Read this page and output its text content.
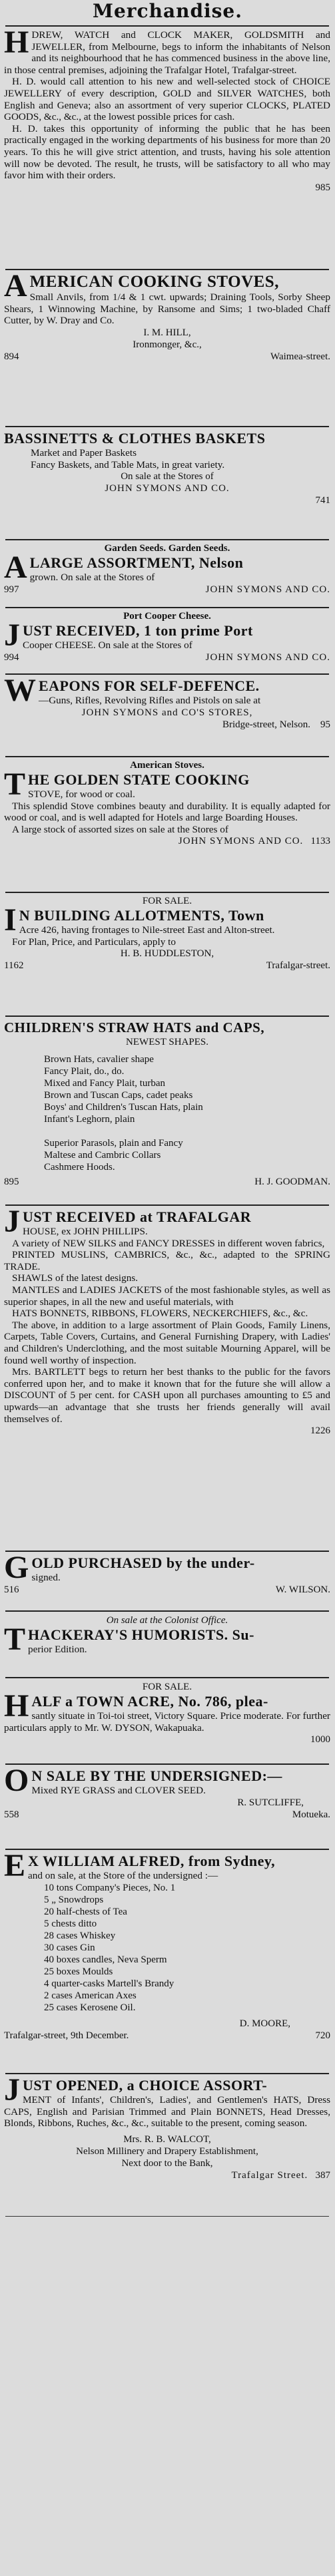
Merchandise.
H DREW, WATCH and CLOCK MAKER, GOLDSMITH and JEWELLER, from Melbourne, begs to inform the inhabitants of Nelson and its neighbourhood that he has commenced business in the above line, in those central premises, adjoining the Trafalgar Hotel, Trafalgar-street.

H. D. would call attention to his new and well-selected stock of CHOICE JEWELLERY of every description, GOLD and SILVER WATCHES, both English and Geneva; also an assortment of very superior CLOCKS, PLATED GOODS, &c., &c., at the lowest possible prices for cash.

H. D. takes this opportunity of informing the public that he has been practically engaged in the working departments of his business for more than 20 years. To this he will give strict attention, and trusts, having his sole attention will now be devoted. The result, he trusts, will be satisfactory to all who may favor him with their orders.

985

A MERICAN COOKING STOVES,

Small Anvils, from 1/4 & 1 cwt. upwards; Draining Tools, Sorby Sheep Shears, 1 Winnowing Machine, by Ransome and Sims; 1 two-bladed Chaff Cutter, by W. Dray and Co.

I. M. HILL,

Ironmonger, &c.,

894	Waimea-street.

BASSINETTS & CLOTHES BASKETS

Market and Paper Baskets

Fancy Baskets, and Table Mats, in great variety.

On sale at the Stores of

JOHN SYMONS AND CO.

741

Garden Seeds. Garden Seeds.

A LARGE ASSORTMENT, Nelson

grown. On sale at the Stores of

997	JOHN SYMONS AND CO.

Port Cooper Cheese.

J UST RECEIVED, 1 ton prime Port

Cooper CHEESE. On sale at the Stores of

994	JOHN SYMONS AND CO.
W EAPONS FOR SELF-DEFENCE.

—Guns, Rifles, Revolving Rifles and Pistols on sale at

JOHN SYMONS and CO'S STORES,

Bridge-street, Nelson. 95

American Stoves.

T HE GOLDEN STATE COOKING

STOVE, for wood or coal.

This splendid Stove combines beauty and durability. It is equally adapted for wood or coal, and is well adapted for Hotels and large Boarding Houses.

A large stock of assorted sizes on sale at the Stores of

JOHN SYMONS AND CO. 1133

FOR SALE.

I N BUILDING ALLOTMENTS, Town

Acre 426, having frontages to Nile-street East and Alton-street.

For Plan, Price, and Particulars, apply to

H. B. HUDDLESTON,

1162	Trafalgar-street.

CHILDREN'S STRAW HATS and CAPS,

NEWEST SHAPES.

Brown Hats, cavalier shape

Fancy Plait, do., do.

Mixed and Fancy Plait, turban

Brown and Tuscan Caps, cadet peaks

Boys' and Children's Tuscan Hats, plain

Infant's Leghorn, plain

Superior Parasols, plain and Fancy

Maltese and Cambric Collars

Cashmere Hoods.

895	H. J. GOODMAN.
J UST RECEIVED at TRAFALGAR

HOUSE, ex JOHN PHILLIPS.

A variety of NEW SILKS and FANCY DRESSES in different woven fabrics,

PRINTED MUSLINS, CAMBRICS, &c., &c., adapted to the SPRING TRADE.

SHAWLS of the latest designs.

MANTLES and LADIES JACKETS of the most fashionable styles, as well as superior shapes, in all the new and useful materials, with

HATS BONNETS, RIBBONS, FLOWERS, NECKERCHIEFS, &c., &c.

The above, in addition to a large assortment of Plain Goods, Family Linens, Carpets, Table Covers, Curtains, and General Furnishing Drapery, with Ladies' and Children's Underclothing, and the most suitable Mourning Apparel, will be found well worthy of inspection.

Mrs. BARTLETT begs to return her best thanks to the public for the favors conferred upon her, and to make it known that for the future she will allow a DISCOUNT of 5 per cent. for CASH upon all purchases amounting to £5 and upwards—an advantage that she trusts her friends generally will avail themselves of.

1226

G OLD PURCHASED by the under-

signed.

516	W. WILSON.

On sale at the Colonist Office.

T HACKERAY'S HUMORISTS. Su-

perior Edition.

FOR SALE.

H ALF a TOWN ACRE, No. 786, plea-

santly situate in Toi-toi street, Victory Square. Price moderate. For further particulars apply to Mr. W. DYSON, Wakapuaka.

1000

O N SALE BY THE UNDERSIGNED:—

Mixed RYE GRASS and CLOVER SEED.

R. SUTCLIFFE,

558	Motueka.
E X WILLIAM ALFRED, from Sydney,

and on sale, at the Store of the undersigned :—

10 tons Company's Pieces, No. 1

5 „ Snowdrops

20 half-chests of Tea

5 chests ditto

28 cases Whiskey

30 cases Gin

40 boxes candles, Neva Sperm

25 boxes Moulds

4 quarter-casks Martell's Brandy

2 cases American Axes

25 cases Kerosene Oil.

D. MOORE,

Trafalgar-street, 9th December.	720
J UST OPENED, a CHOICE ASSORT-

MENT of Infants', Children's, Ladies', and Gentlemen's HATS, Dress CAPS, English and Parisian Trimmed and Plain BONNETS, Head Dresses, Blonds, Ribbons, Ruches, &c., &c., suitable to the present, coming season.

Mrs. R. B. WALCOT,

Nelson Millinery and Drapery Establishment,

Next door to the Bank,

Trafalgar Street. 387
